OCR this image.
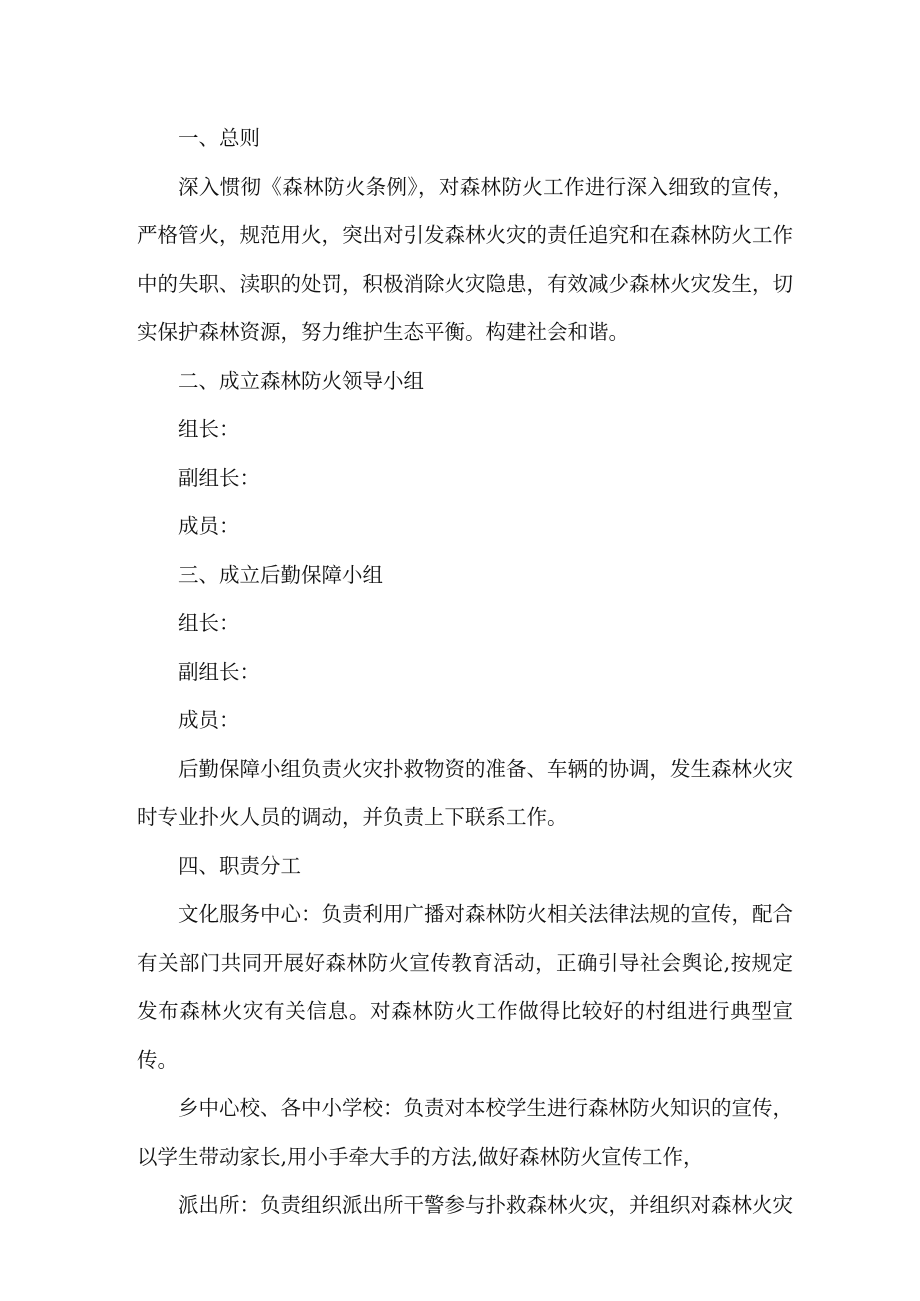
一、总则

深入惯彻《森林防火条例》，对森林防火工作进行深入细致的宣传，严格管火，规范用火，突出对引发森林火灾的责任追究和在森林防火工作中的失职、渎职的处罚，积极消除火灾隐患，有效减少森林火灾发生，切实保护森林资源，努力维护生态平衡。构建社会和谐。

二、成立森林防火领导小组

组长：

副组长：

成员：

三、成立后勤保障小组

组长：

副组长：

成员：

后勤保障小组负责火灾扑救物资的准备、车辆的协调，发生森林火灾时专业扑火人员的调动，并负责上下联系工作。

四、职责分工

文化服务中心：负责利用广播对森林防火相关法律法规的宣传，配合有关部门共同开展好森林防火宣传教育活动，正确引导社会舆论,按规定发布森林火灾有关信息。对森林防火工作做得比较好的村组进行典型宣传。

乡中心校、各中小学校：负责对本校学生进行森林防火知识的宣传，以学生带动家长,用小手牵大手的方法,做好森林防火宣传工作，

派出所：负责组织派出所干警参与扑救森林火灾，并组织对森林火灾
